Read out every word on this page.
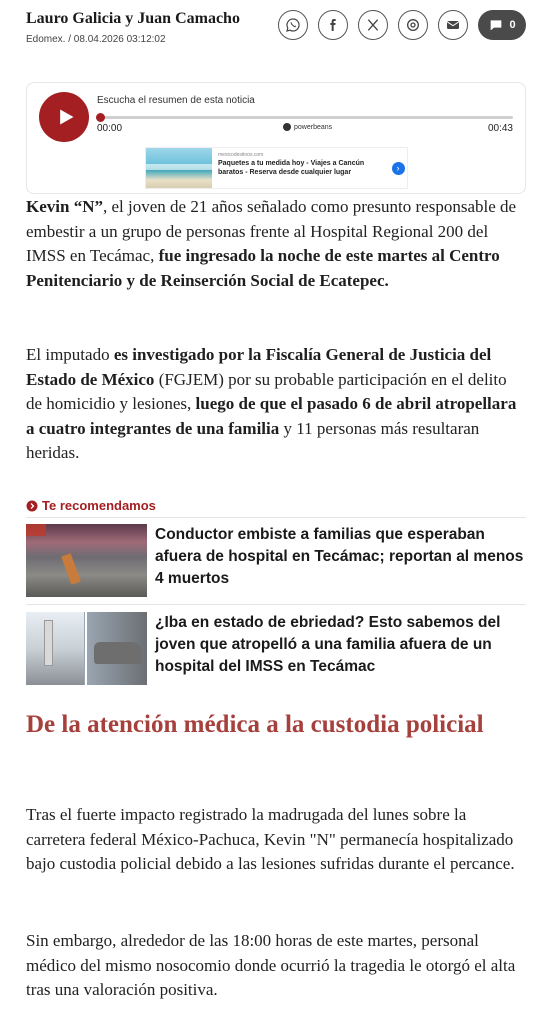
Lauro Galicia y Juan Camacho
Edomex. / 08.04.2026 03:12:02
0
Escucha el resumen de esta noticia
00:00	powerbeans	00:43
mexicodestinos.com
Paquetes a tu medida hoy - Viajes a Cancún baratos - Reserva desde cualquier lugar	›
Kevin “N”, el joven de 21 años señalado como presunto responsable de embestir a un grupo de personas frente al Hospital Regional 200 del IMSS en Tecámac, fue ingresado la noche de este martes al Centro Penitenciario y de Reinserción Social de Ecatepec.
El imputado es investigado por la Fiscalía General de Justicia del Estado de México (FGJEM) por su probable participación en el delito de homicidio y lesiones, luego de que el pasado 6 de abril atropellara a cuatro integrantes de una familia y 11 personas más resultaran heridas.
Te recomendamos
Conductor embiste a familias que esperaban afuera de hospital en Tecámac; reportan al menos 4 muertos
¿Iba en estado de ebriedad? Esto sabemos del joven que atropelló a una familia afuera de un hospital del IMSS en Tecámac
De la atención médica a la custodia policial
Tras el fuerte impacto registrado la madrugada del lunes sobre la carretera federal México-Pachuca, Kevin "N" permanecía hospitalizado bajo custodia policial debido a las lesiones sufridas durante el percance.
Sin embargo, alrededor de las 18:00 horas de este martes, personal médico del mismo nosocomio donde ocurrió la tragedia le otorgó el alta tras una valoración positiva.
